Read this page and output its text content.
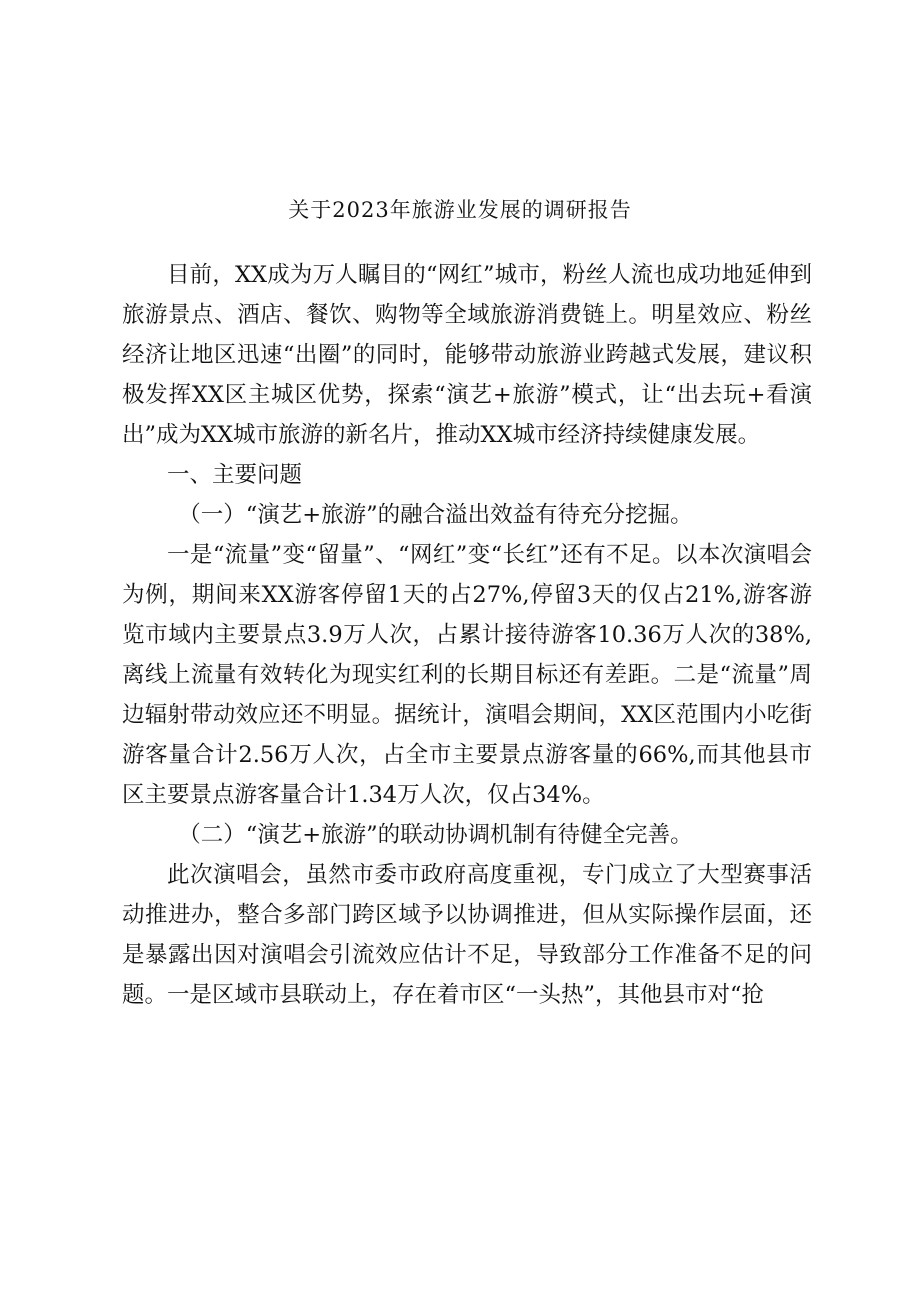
关于2023年旅游业发展的调研报告

目前，XX成为万人瞩目的“网红”城市，粉丝人流也成功地延伸到旅游景点、酒店、餐饮、购物等全域旅游消费链上。明星效应、粉丝经济让地区迅速“出圈”的同时，能够带动旅游业跨越式发展，建议积极发挥XX区主城区优势，探索“演艺+旅游”模式，让“出去玩+看演出”成为XX城市旅游的新名片，推动XX城市经济持续健康发展。

一、主要问题

（一）“演艺+旅游”的融合溢出效益有待充分挖掘。

一是“流量”变“留量”、“网红”变“长红”还有不足。以本次演唱会为例，期间来XX游客停留1天的占27%,停留3天的仅占21%,游客游览市域内主要景点3.9万人次，占累计接待游客10.36万人次的38%,离线上流量有效转化为现实红利的长期目标还有差距。二是“流量”周边辐射带动效应还不明显。据统计，演唱会期间，XX区范围内小吃街游客量合计2.56万人次，占全市主要景点游客量的66%,而其他县市区主要景点游客量合计1.34万人次，仅占34%。

（二）“演艺+旅游”的联动协调机制有待健全完善。

此次演唱会，虽然市委市政府高度重视，专门成立了大型赛事活动推进办，整合多部门跨区域予以协调推进，但从实际操作层面，还是暴露出因对演唱会引流效应估计不足，导致部分工作准备不足的问题。一是区域市县联动上，存在着市区“一头热”，其他县市对“抢
